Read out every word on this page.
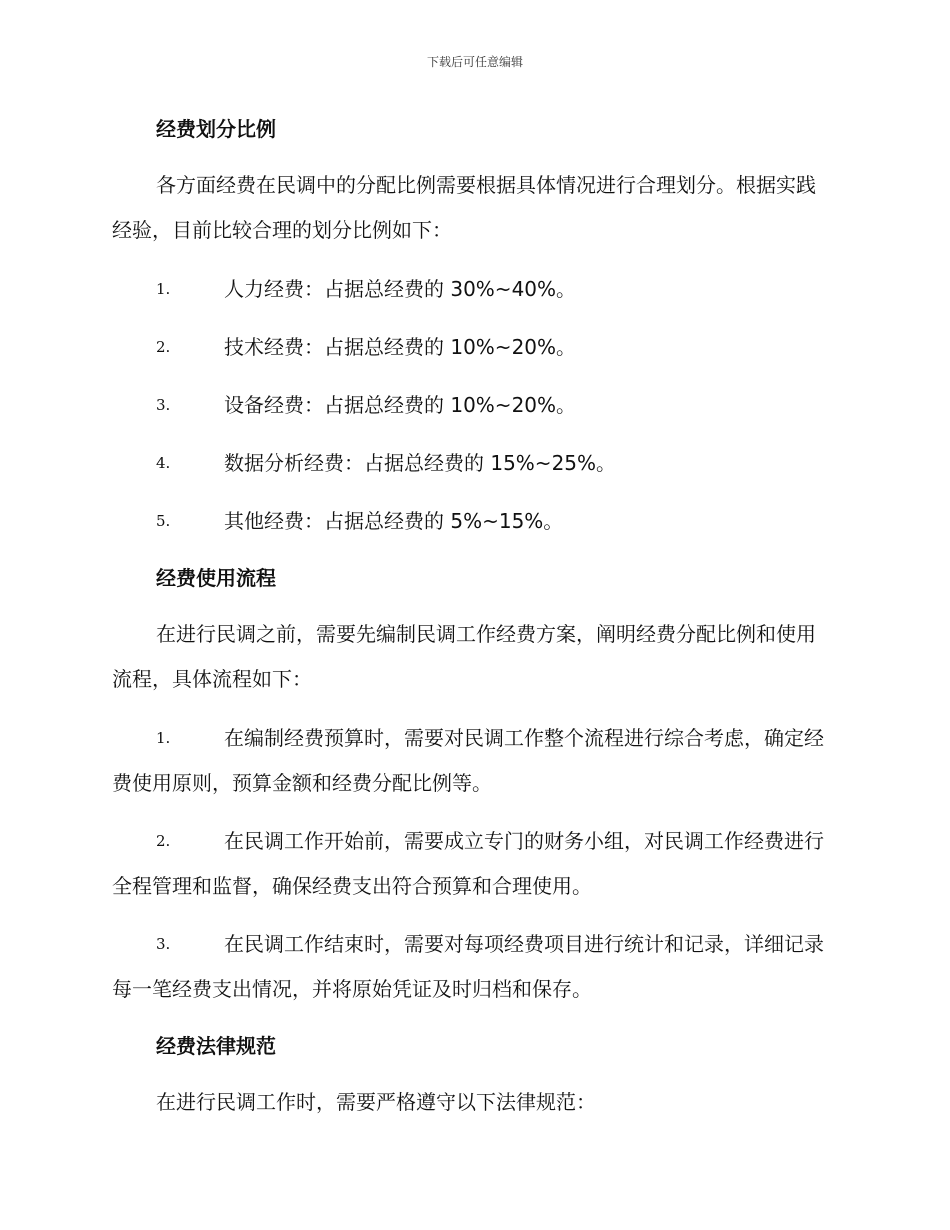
下载后可任意编辑
经费划分比例

各方面经费在民调中的分配比例需要根据具体情况进行合理划分。根据实践经验，目前比较合理的划分比例如下：

1.	人力经费：占据总经费的 30%~40%。
2.	技术经费：占据总经费的 10%~20%。
3.	设备经费：占据总经费的 10%~20%。
4.	数据分析经费：占据总经费的 15%~25%。
5.	其他经费：占据总经费的 5%~15%。
经费使用流程

在进行民调之前，需要先编制民调工作经费方案，阐明经费分配比例和使用流程，具体流程如下：

1.	在编制经费预算时，需要对民调工作整个流程进行综合考虑，确定经费使用原则，预算金额和经费分配比例等。
2.	在民调工作开始前，需要成立专门的财务小组，对民调工作经费进行全程管理和监督，确保经费支出符合预算和合理使用。
3.	在民调工作结束时，需要对每项经费项目进行统计和记录，详细记录每一笔经费支出情况，并将原始凭证及时归档和保存。
经费法律规范

在进行民调工作时，需要严格遵守以下法律规范：
